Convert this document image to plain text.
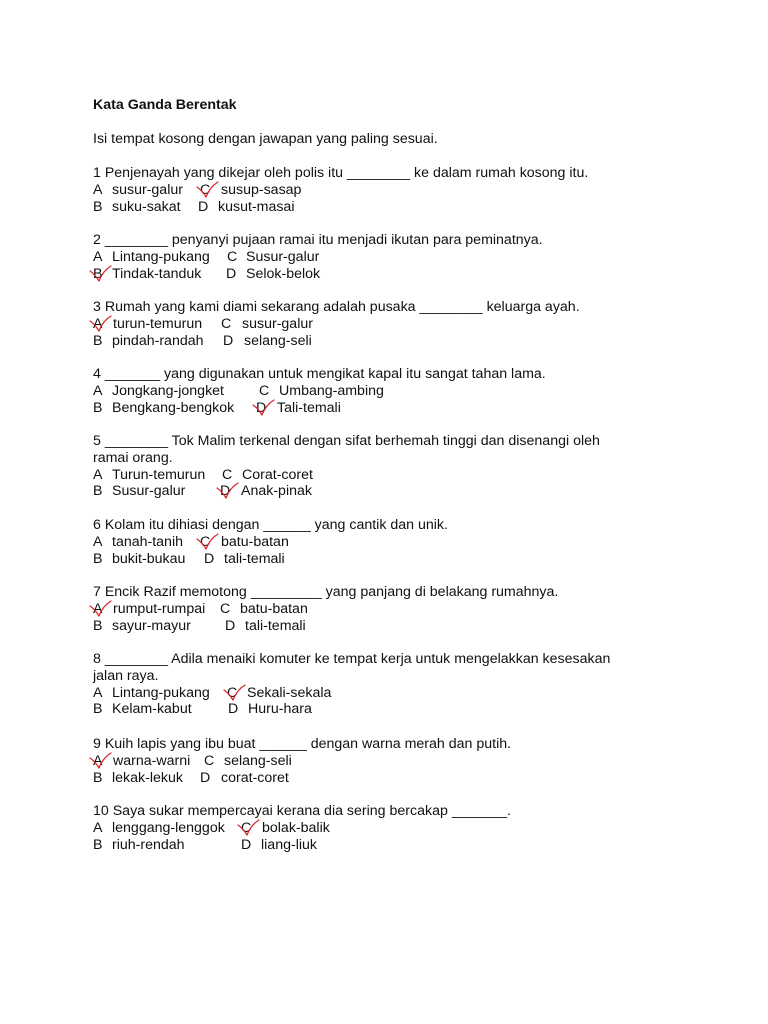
Kata Ganda Berentak
Isi tempat kosong dengan jawapan yang paling sesuai.
1 Penjenayah yang dikejar oleh polis itu ________ ke dalam rumah kosong itu.
A susur-galur C susup-sasap
B suku-sakat D kusut-masai
2 ________ penyanyi pujaan ramai itu menjadi ikutan para peminatnya.
A Lintang-pukang C Susur-galur
B Tindak-tanduk D Selok-belok
3 Rumah yang kami diami sekarang adalah pusaka ________ keluarga ayah.
A turun-temurun C susur-galur
B pindah-randah D selang-seli
4 _______ yang digunakan untuk mengikat kapal itu sangat tahan lama.
A Jongkang-jongket C Umbang-ambing
B Bengkang-bengkok D Tali-temali
5 ________ Tok Malim terkenal dengan sifat berhemah tinggi dan disenangi oleh
ramai orang.
A Turun-temurun C Corat-coret
B Susur-galur D Anak-pinak
6 Kolam itu dihiasi dengan ______ yang cantik dan unik.
A tanah-tanih C batu-batan
B bukit-bukau D tali-temali
7 Encik Razif memotong _________ yang panjang di belakang rumahnya.
A rumput-rumpai C batu-batan
B sayur-mayur D tali-temali
8 ________ Adila menaiki komuter ke tempat kerja untuk mengelakkan kesesakan
jalan raya.
A Lintang-pukang C Sekali-sekala
B Kelam-kabut	D Huru-hara
9 Kuih lapis yang ibu buat ______ dengan warna merah dan putih.
A warna-warni C selang-seli
B lekak-lekuk D corat-coret
10 Saya sukar mempercayai kerana dia sering bercakap _______.
A lenggang-lenggok C bolak-balik
B riuh-rendah	D liang-liuk
